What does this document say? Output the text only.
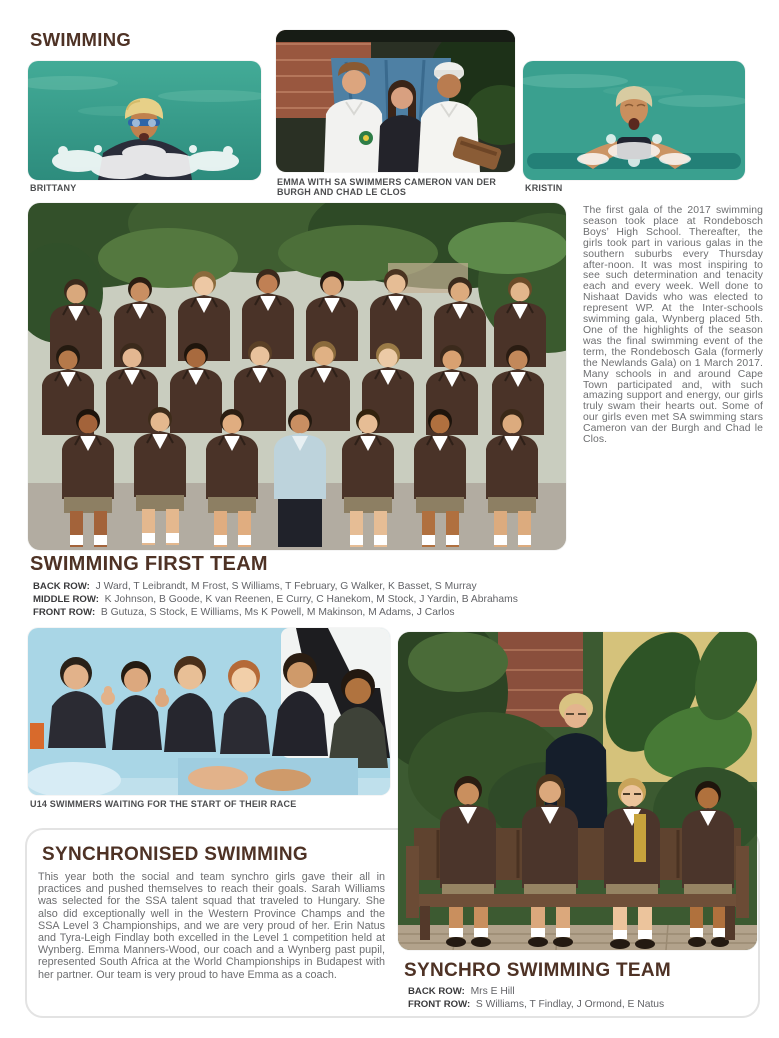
SWIMMING
BRITTANY
EMMA WITH SA SWIMMERS CAMERON VAN DER BURGH AND CHAD LE CLOS	KRISTIN
The first gala of the 2017 swimming season took place at Rondebosch Boys’ High School. Thereafter, the girls took part in various galas in the southern suburbs every Thursday after-noon. It was most inspiring to see such determination and tenacity each and every week. Well done to Nishaat Davids who was elected to represent WP. At the Inter-schools swimming gala, Wynberg placed 5th. One of the highlights of the season was the final swimming event of the term, the Rondebosch Gala (formerly the Newlands Gala) on 1 March 2017. Many schools in and around Cape Town participated and, with such amazing support and energy, our girls truly swam their hearts out. Some of our girls even met SA swimming stars Cameron van der Burgh and Chad le Clos.
SWIMMING FIRST TEAM
BACK ROW: J Ward, T Leibrandt, M Frost, S Williams, T February, G Walker, K Basset, S Murray
MIDDLE ROW: K Johnson, B Goode, K van Reenen, E Curry, C Hanekom, M Stock, J Yardin, B Abrahams
FRONT ROW: B Gutuza, S Stock, E Williams, Ms K Powell, M Makinson, M Adams, J Carlos
U14 SWIMMERS WAITING FOR THE START OF THEIR RACE
SYNCHRONISED SWIMMING
This year both the social and team synchro girls gave their all in practices and pushed themselves to reach their goals. Sarah Williams was selected for the SSA talent squad that traveled to Hungary. She also did exceptionally well in the Western Province Champs and the SSA Level 3 Championships, and we are very proud of her. Erin Natus and Tyra-Leigh Findlay both excelled in the Level 1 competition held at Wynberg. Emma Manners-Wood, our coach and a Wynberg past pupil, represented South Africa at the World Championships in Budapest with her partner. Our team is very proud to have Emma as a coach.	SYNCHRO SWIMMING TEAM
BACK ROW: Mrs E Hill
FRONT ROW: S Williams, T Findlay, J Ormond, E Natus
